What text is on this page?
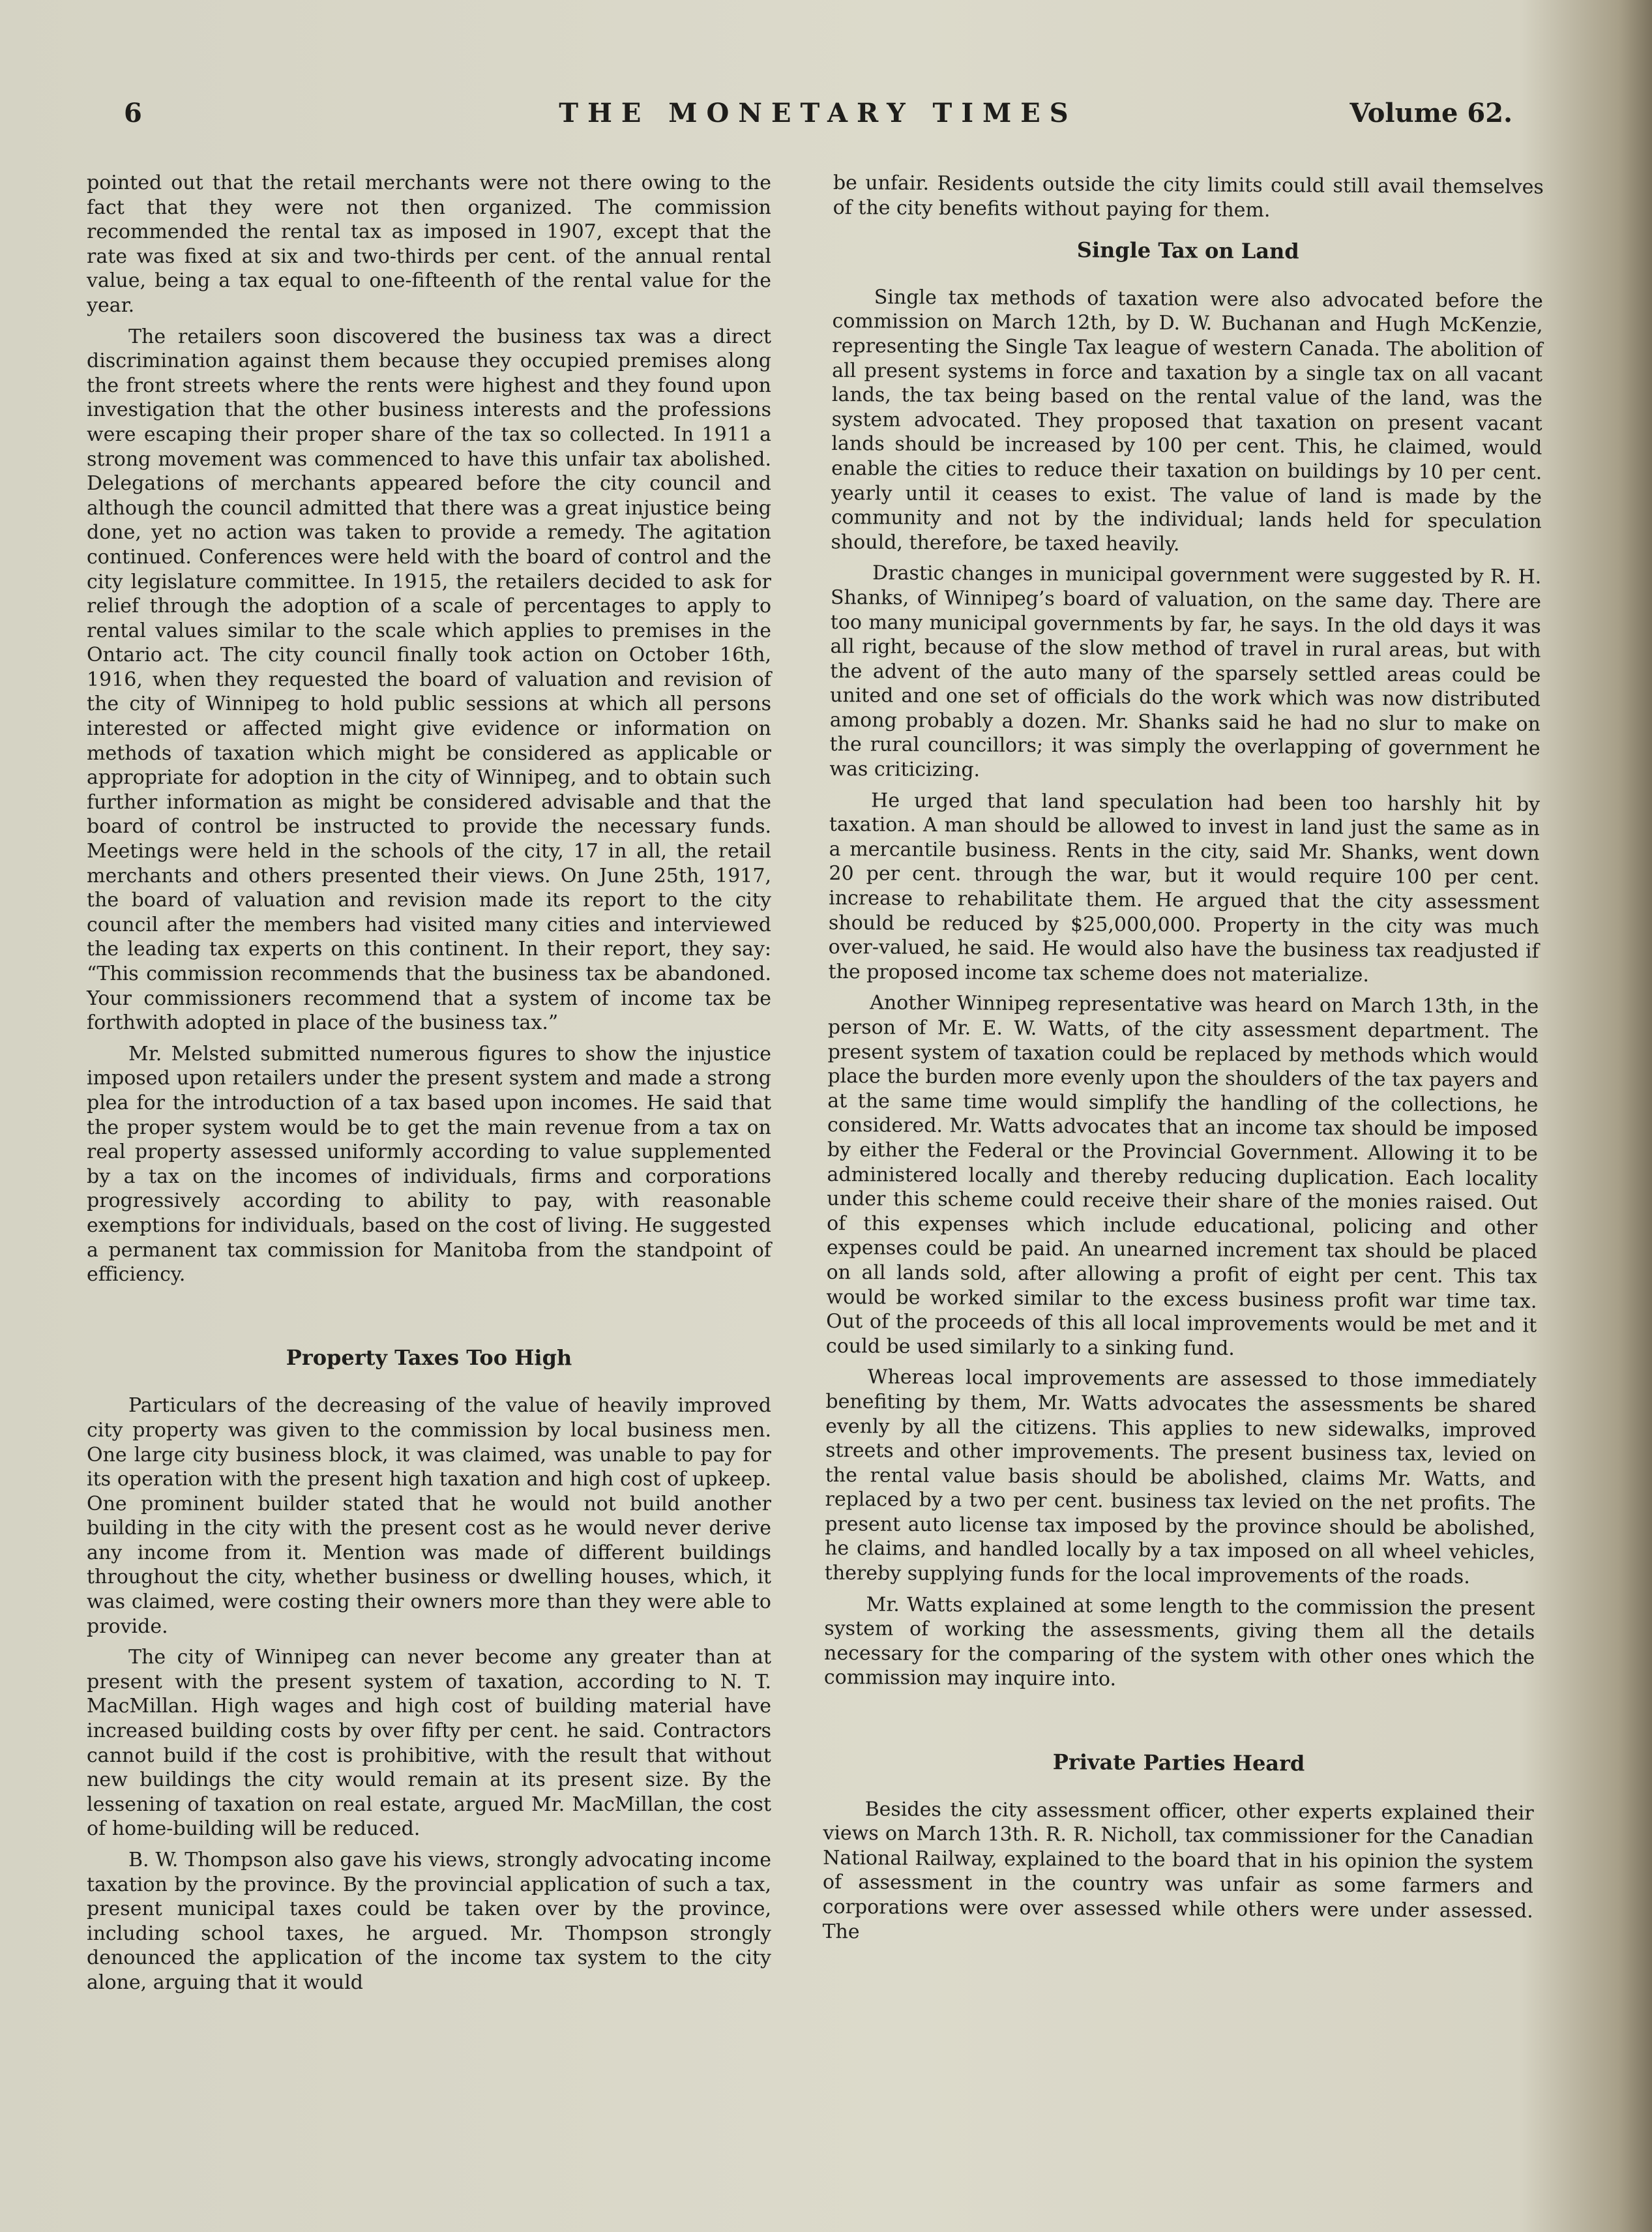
6	THE MONETARY TIMES	Volume 62.

pointed out that the retail merchants were not there owing to the fact that they were not then organized. The commission recommended the rental tax as imposed in 1907, except that the rate was fixed at six and two-thirds per cent. of the annual rental value, being a tax equal to one-fifteenth of the rental value for the year.

The retailers soon discovered the business tax was a direct discrimination against them because they occupied premises along the front streets where the rents were highest and they found upon investigation that the other business interests and the professions were escaping their proper share of the tax so collected. In 1911 a strong movement was commenced to have this unfair tax abolished. Delegations of merchants appeared before the city council and although the council admitted that there was a great injustice being done, yet no action was taken to provide a remedy. The agitation continued. Conferences were held with the board of control and the city legislature committee. In 1915, the retailers decided to ask for relief through the adoption of a scale of percentages to apply to rental values similar to the scale which applies to premises in the Ontario act. The city council finally took action on October 16th, 1916, when they requested the board of valuation and revision of the city of Winnipeg to hold public sessions at which all persons interested or affected might give evidence or information on methods of taxation which might be considered as applicable or appropriate for adoption in the city of Winnipeg, and to obtain such further information as might be considered advisable and that the board of control be instructed to provide the necessary funds. Meetings were held in the schools of the city, 17 in all, the retail merchants and others presented their views. On June 25th, 1917, the board of valuation and revision made its report to the city council after the members had visited many cities and interviewed the leading tax experts on this continent. In their report, they say: “This commission recommends that the business tax be abandoned. Your commissioners recommend that a system of income tax be forthwith adopted in place of the business tax.”

Mr. Melsted submitted numerous figures to show the injustice imposed upon retailers under the present system and made a strong plea for the introduction of a tax based upon incomes. He said that the proper system would be to get the main revenue from a tax on real property assessed uniformly according to value supplemented by a tax on the incomes of individuals, firms and corporations progressively according to ability to pay, with reasonable exemptions for individuals, based on the cost of living. He suggested a permanent tax commission for Manitoba from the standpoint of efficiency.

Property Taxes Too High

Particulars of the decreasing of the value of heavily improved city property was given to the commission by local business men. One large city business block, it was claimed, was unable to pay for its operation with the present high taxation and high cost of upkeep. One prominent builder stated that he would not build another building in the city with the present cost as he would never derive any income from it. Mention was made of different buildings throughout the city, whether business or dwelling houses, which, it was claimed, were costing their owners more than they were able to provide.

The city of Winnipeg can never become any greater than at present with the present system of taxation, according to N. T. MacMillan. High wages and high cost of building material have increased building costs by over fifty per cent. he said. Contractors cannot build if the cost is prohibitive, with the result that without new buildings the city would remain at its present size. By the lessening of taxation on real estate, argued Mr. MacMillan, the cost of home-building will be reduced.

B. W. Thompson also gave his views, strongly advocating income taxation by the province. By the provincial application of such a tax, present municipal taxes could be taken over by the province, including school taxes, he argued. Mr. Thompson strongly denounced the application of the income tax system to the city alone, arguing that it would

be unfair. Residents outside the city limits could still avail themselves of the city benefits without paying for them.

Single Tax on Land

Single tax methods of taxation were also advocated before the commission on March 12th, by D. W. Buchanan and Hugh McKenzie, representing the Single Tax league of western Canada. The abolition of all present systems in force and taxation by a single tax on all vacant lands, the tax being based on the rental value of the land, was the system advocated. They proposed that taxation on present vacant lands should be increased by 100 per cent. This, he claimed, would enable the cities to reduce their taxation on buildings by 10 per cent. yearly until it ceases to exist. The value of land is made by the community and not by the individual; lands held for speculation should, therefore, be taxed heavily.

Drastic changes in municipal government were suggested by R. H. Shanks, of Winnipeg’s board of valuation, on the same day. There are too many municipal governments by far, he says. In the old days it was all right, because of the slow method of travel in rural areas, but with the advent of the auto many of the sparsely settled areas could be united and one set of officials do the work which was now distributed among probably a dozen. Mr. Shanks said he had no slur to make on the rural councillors; it was simply the overlapping of government he was criticizing.

He urged that land speculation had been too harshly hit by taxation. A man should be allowed to invest in land just the same as in a mercantile business. Rents in the city, said Mr. Shanks, went down 20 per cent. through the war, but it would require 100 per cent. increase to rehabilitate them. He argued that the city assessment should be reduced by $25,000,000. Property in the city was much over-valued, he said. He would also have the business tax readjusted if the proposed income tax scheme does not materialize.

Another Winnipeg representative was heard on March 13th, in the person of Mr. E. W. Watts, of the city assessment department. The present system of taxation could be replaced by methods which would place the burden more evenly upon the shoulders of the tax payers and at the same time would simplify the handling of the collections, he considered. Mr. Watts advocates that an income tax should be imposed by either the Federal or the Provincial Government. Allowing it to be administered locally and thereby reducing duplication. Each locality under this scheme could receive their share of the monies raised. Out of this expenses which include educational, policing and other expenses could be paid. An unearned increment tax should be placed on all lands sold, after allowing a profit of eight per cent. This tax would be worked similar to the excess business profit war time tax. Out of the proceeds of this all local improvements would be met and it could be used similarly to a sinking fund.

Whereas local improvements are assessed to those immediately benefiting by them, Mr. Watts advocates the assessments be shared evenly by all the citizens. This applies to new sidewalks, improved streets and other improvements. The present business tax, levied on the rental value basis should be abolished, claims Mr. Watts, and replaced by a two per cent. business tax levied on the net profits. The present auto license tax imposed by the province should be abolished, he claims, and handled locally by a tax imposed on all wheel vehicles, thereby supplying funds for the local improvements of the roads.

Mr. Watts explained at some length to the commission the present system of working the assessments, giving them all the details necessary for the comparing of the system with other ones which the commission may inquire into.

Private Parties Heard

Besides the city assessment officer, other experts explained their views on March 13th. R. R. Nicholl, tax commissioner for the Canadian National Railway, explained to the board that in his opinion the system of assessment in the country was unfair as some farmers and corporations were over assessed while others were under assessed. The
